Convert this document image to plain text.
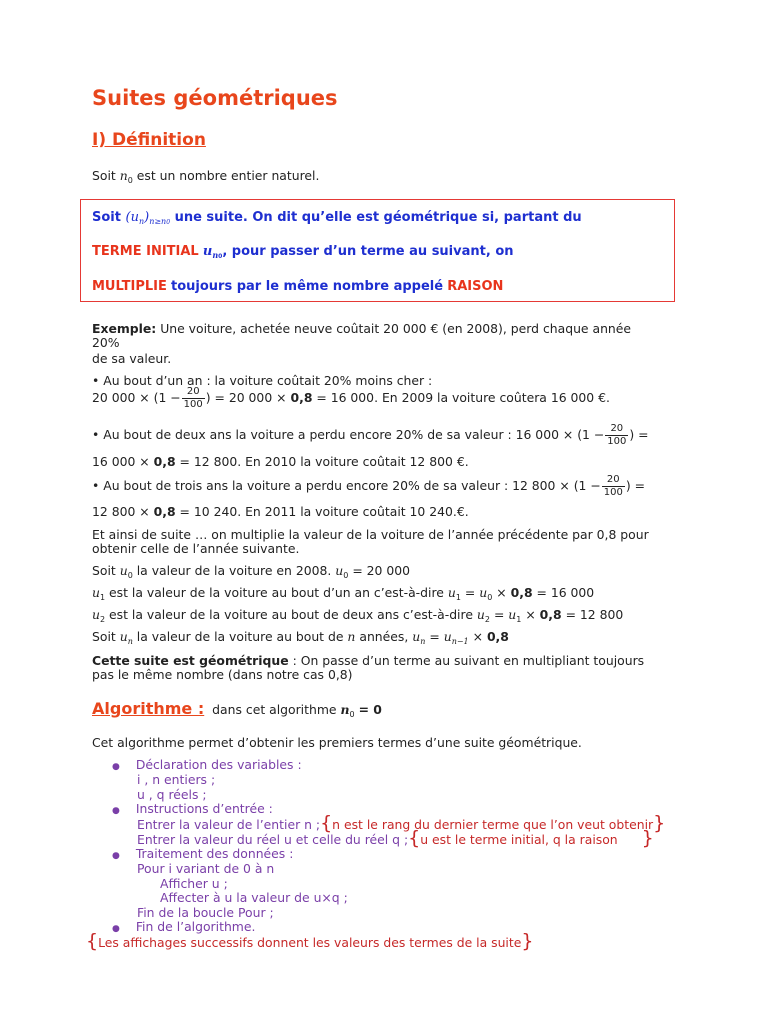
Suites géométriques
I) Définition
Soit $n_0$ est un nombre entier naturel.
Soit $(u_n)_{n\ge n0}$ une suite. On dit qu’elle est géométrique si, partant du
TERME INITIAL $u_{n0}$, pour passer d’un terme au suivant, on
MULTIPLIE toujours par le même nombre appelé RAISON
Exemple: Une voiture, achetée neuve coûtait 20 000 € (en 2008), perd chaque année
20%
de sa valeur.
• Au bout d’un an : la voiture coûtait 20% moins cher :
20 $000 \times (1 - \frac{20}{100}$ ) = 20 000 × 0,8 = 16 000. En 2009 la voiture coûtera 16 000 €.
• Au bout de deux ans la voiture a perdu encore 20% de sa valeur : 16 $000 \times (1 - \frac{20}{100}$ ) =
16 000 × 0,8 = 12 800. En 2010 la voiture coûtait 12 800 €.
• Au bout de trois ans la voiture a perdu encore 20% de sa valeur : 12 $800 \times (1 - \frac{20}{100}$ ) =
12 800 × 0,8 = 10 240. En 2011 la voiture coûtait 10 240.€.
Et ainsi de suite … on multiplie la valeur de la voiture de l’année précédente par 0,8 pour
obtenir celle de l’année suivante.
Soit $u_0$ la valeur de la voiture en 2008. $u_0 = 20$ 000
$u_1$ est la valeur de la voiture au bout d’un an c’est-à-dire $u_1 = u_0 \times 0,8 = 16$ 000
$u_2$ est la valeur de la voiture au bout de deux ans c’est-à-dire $u_2 = u_1 \times 0,8 = 12$ 800
Soit $u_n$ la valeur de la voiture au bout de n années, $u_n = u_{n-1} \times 0,8$
Cette suite est géométrique : On passe d’un terme au suivant en multipliant toujours
pas le même nombre (dans notre cas 0,8)
Algorithme : dans cet algorithme $n_0 = 0$
Cet algorithme permet d’obtenir les premiers termes d’une suite géométrique.
● Déclaration des variables :
i , n entiers ;
u , q réels ;
● Instructions d’entrée :
Entrer la valeur de l’entier n ;{n est le rang du dernier terme que l’on veut obtenir}
Entrer la valeur du réel u et celle du réel q ;{u est le terme initial, q la raison }
● Traitement des données :
Pour i variant de 0 à n
Afficher u ;
Affecter à u la valeur de u×q ;
Fin de la boucle Pour ;
● Fin de l’algorithme.
{Les affichages successifs donnent les valeurs des termes de la suite}
